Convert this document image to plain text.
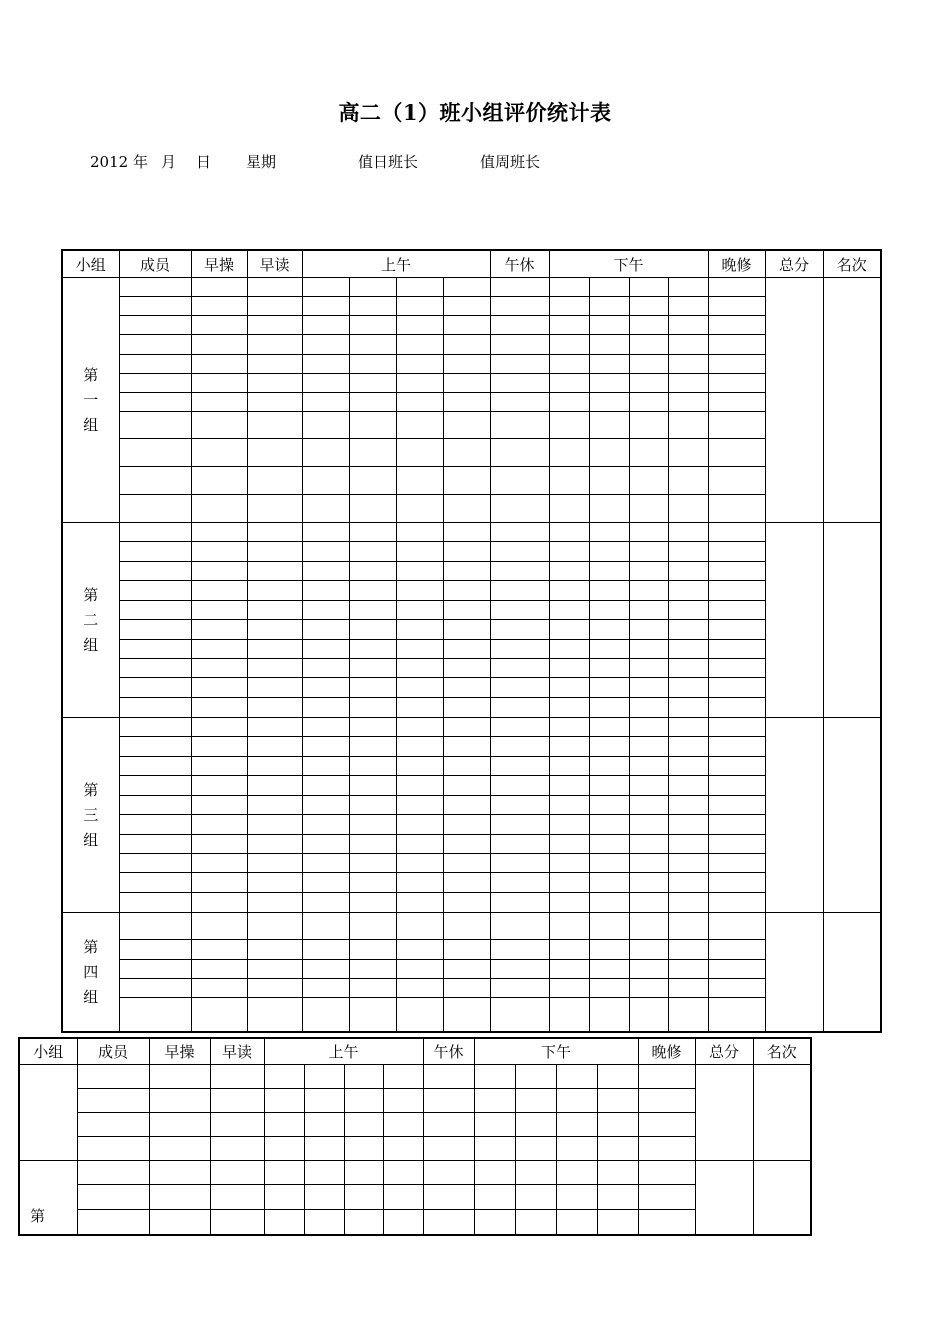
高二（1）班小组评价统计表
2012 年 月 日 星期	值日班长	值周班长
小组	成员	早操	早读	上午				午休	下午				晚修	总分	名次

第
一
组															

第
二
组															

第
三
组															

第
四
组															

小组	成员	早操	早读	上午				午休	下午				晚修	总分	名次

第															
